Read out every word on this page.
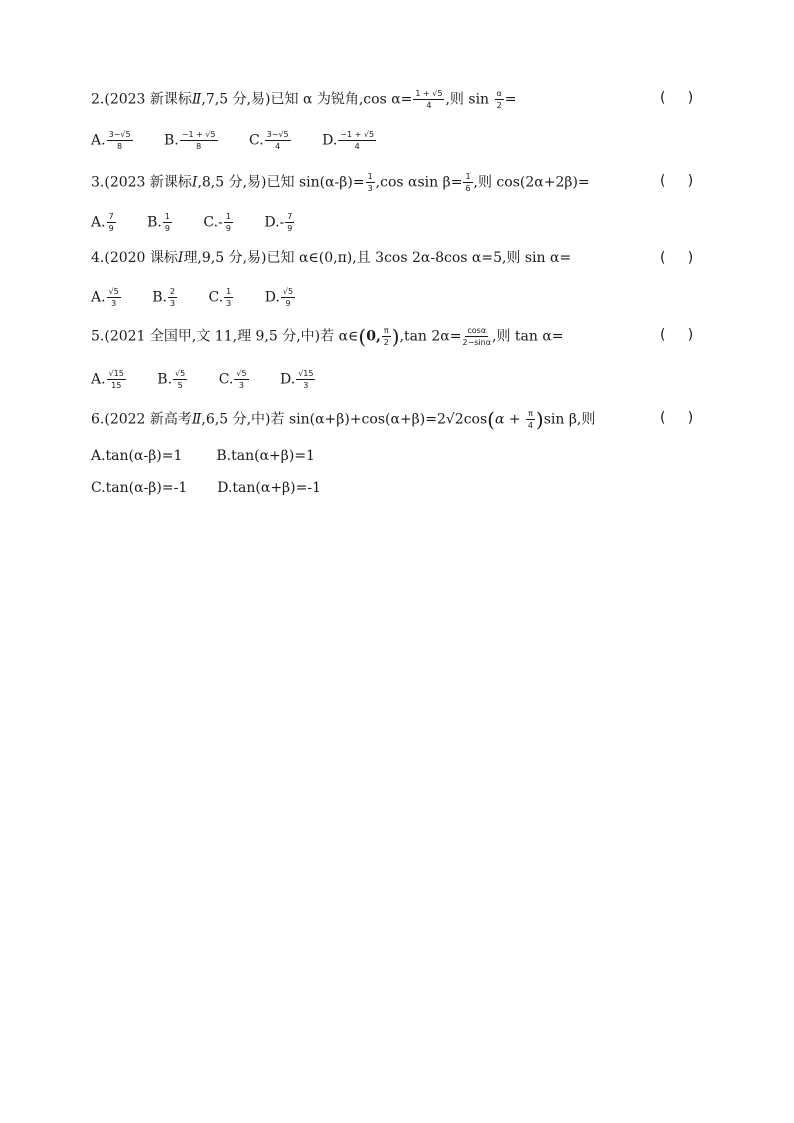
2.(2023 新课标Ⅱ,7,5 分,易)已知 α 为锐角,cos $\alpha= \frac{1 + √5}{4}$ ,则 $\sin \frac{\alpha}{2}$ =	(     )
A. $\frac{3-√5}{8} B$. $\frac{-1 + √5}{8} C$. $\frac{3-√5}{4} D$. $\frac{-1 + √5}{4}$
3.(2023 新课标Ⅰ,8,5 分,易)已知 $\sin(\alpha-\beta)= \frac{1}{3} ,\cos$ αsin $\beta= \frac{1}{6}$ ,则 cos(2α+2β)=	(     )
A. $\frac{7}{9} B$. $\frac{1}{9} C.- \frac{1}{9} D.- \frac{7}{9}$
4.(2020 课标Ⅰ理,9,5 分,易)已知 α∈(0,π),且 3cos 2α-8cos α=5,则 sin α=	(     )
A. $\frac{√5}{3} B$. $\frac{2}{3} C$. $\frac{1}{3} D$. $\frac{√5}{9}$
5.(2021 全国甲,文 11,理 9,5 分,中)若 α∈(0, $\frac{\pi}{2} ),\tan$ $2\alpha= \frac{\cos\alpha}{2-\sin\alpha}$ ,则 tan α=	(     )
A. $\frac{√15}{15} B$. $\frac{√5}{5} C$. $\frac{√5}{3} D$. $\frac{√15}{3}$
6.(2022 新高考Ⅱ,6,5 分,中)若 $\sin(\alpha+\beta)+\cos(\alpha+\beta)=2√2\cos(\alpha + \frac{\pi}{4} )\sin$ β,则	(     )
A.tan(α-β)=1 B.tan(α+β)=1
C.tan(α-β)=-1 D.tan(α+β)=-1
